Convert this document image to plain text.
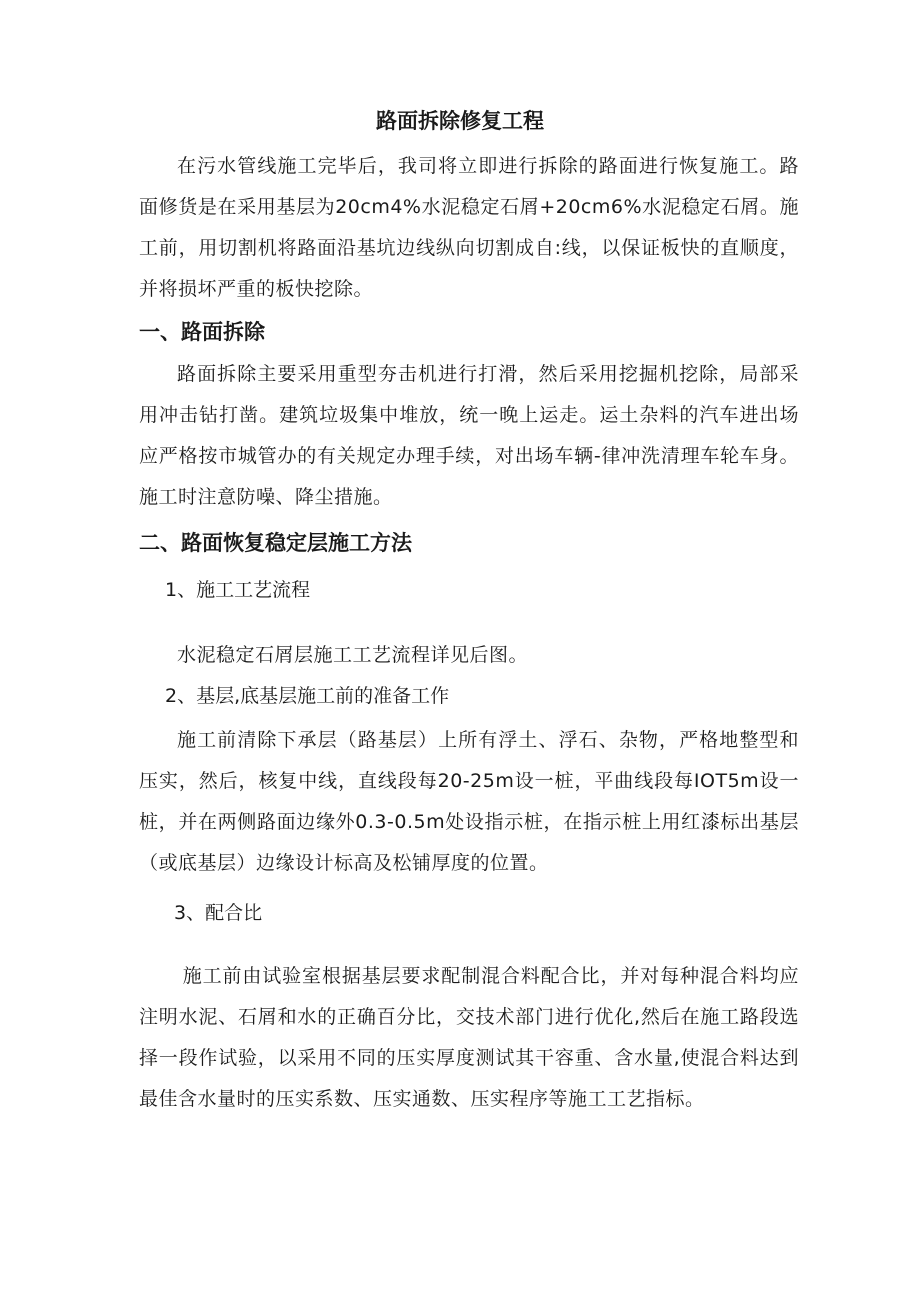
路面拆除修复工程
在污水管线施工完毕后，我司将立即进行拆除的路面进行恢复施工。路面修货是在采用基层为20cm4%水泥稳定石屑+20cm6%水泥稳定石屑。施工前，用切割机将路面沿基坑边线纵向切割成自:线，以保证板快的直顺度，并将损坏严重的板快挖除。
一、路面拆除
路面拆除主要采用重型夯击机进行打滑，然后采用挖掘机挖除，局部采用冲击钻打凿。建筑垃圾集中堆放，统一晚上运走。运土杂料的汽车进出场应严格按市城管办的有关规定办理手续，对出场车辆-律冲洗清理车轮车身。施工时注意防噪、降尘措施。
二、路面恢复稳定层施工方法
1、施工工艺流程
水泥稳定石屑层施工工艺流程详见后图。
2、基层,底基层施工前的准备工作
施工前清除下承层（路基层）上所有浮土、浮石、杂物，严格地整型和压实，然后，核复中线，直线段每20-25m设一桩，平曲线段每IOT5m设一桩，并在两侧路面边缘外0.3-0.5m处设指示桩，在指示桩上用红漆标出基层（或底基层）边缘设计标高及松铺厚度的位置。
3、配合比
施工前由试验室根据基层要求配制混合料配合比，并对每种混合料均应注明水泥、石屑和水的正确百分比，交技术部门进行优化,然后在施工路段选择一段作试验，以采用不同的压实厚度测试其干容重、含水量,使混合料达到最佳含水量时的压实系数、压实通数、压实程序等施工工艺指标。
